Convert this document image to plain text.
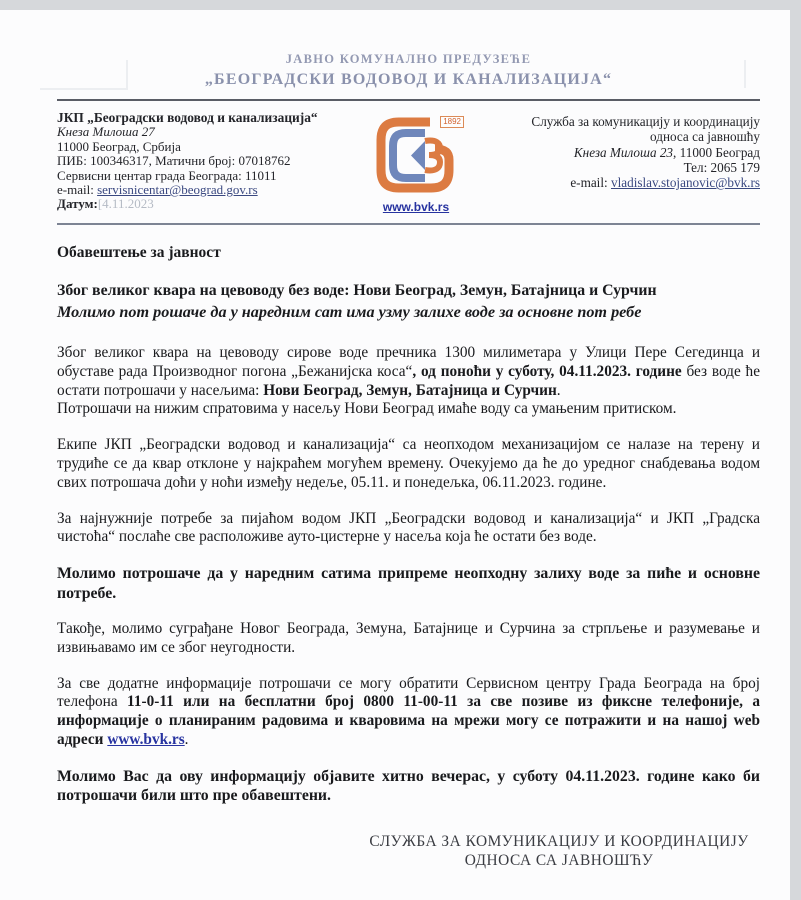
ЈАВНО КОМУНАЛНО ПРЕДУЗЕЋЕ
„БЕОГРАДСКИ ВОДОВОД И КАНАЛИЗАЦИЈА“
ЈКП „Београдски водовод и канализација“
Кнеза Милоша 27
11000 Београд, Србија
ПИБ: 100346317, Матични број: 07018762
Сервисни центар града Београда: 11011
e-mail: servisnicentar@beograd.gov.rs
Датум:[4.11.2023
1892
www.bvk.rs
Служба за комуникацију и координацију
односа са јавношћу
Кнеза Милоша 23, 11000 Београд
Тел: 2065 179
e-mail: vladislav.stojanovic@bvk.rs
Обавештење за јавност
Због великог квара на цевоводу без воде: Нови Београд, Земун, Батајница и Сурчин
Молимо пот рошаче да у наредним сат има узму залихе воде за основне пот ребе
Због великог квара на цевоводу сирове воде пречника 1300 милиметара у Улици Пере Сегединца и обуставе рада Производног погона „Бежанијска коса“, од поноћи у суботу, 04.11.2023. године без воде ће остати потрошачи у насељима: Нови Београд, Земун, Батајница и Сурчин.
Потрошачи на нижим спратовима у насељу Нови Београд имаће воду са умањеним притиском.
Екипе ЈКП „Београдски водовод и канализација“ са неопходом механизацијом се налазе на терену и трудиће се да квар отклоне у најкраћем могућем времену. Очекујемо да ће до уредног снабдевања водом свих потрошача доћи у ноћи између недеље, 05.11. и понедељка, 06.11.2023. године.
За најнужније потребе за пијаћом водом ЈКП „Београдски водовод и канализација“ и ЈКП „Градска чистоћа“ послаће све расположиве ауто-цистерне у насеља која ће остати без воде.
Молимо потрошаче да у наредним сатима припреме неопходну залиху воде за пиће и основне потребе.
Такође, молимо суграђане Новог Београда, Земуна, Батајнице и Сурчина за стрпљење и разумевање и извињавамо им се због неугодности.
За све додатне информације потрошачи се могу обратити Сервисном центру Града Београда на број телефона 11-0-11 или на бесплатни број 0800 11-00-11 за све позиве из фиксне телефоније, а информације о планираним радовима и кваровима на мрежи могу се потражити и на нашој web адреси www.bvk.rs.
Молимо Вас да ову информацију објавите хитно вечерас, у суботу 04.11.2023. године како би потрошачи били што пре обавештени.
СЛУЖБА ЗА КОМУНИКАЦИЈУ И КООРДИНАЦИЈУ
ОДНОСА СА ЈАВНОШЋУ
